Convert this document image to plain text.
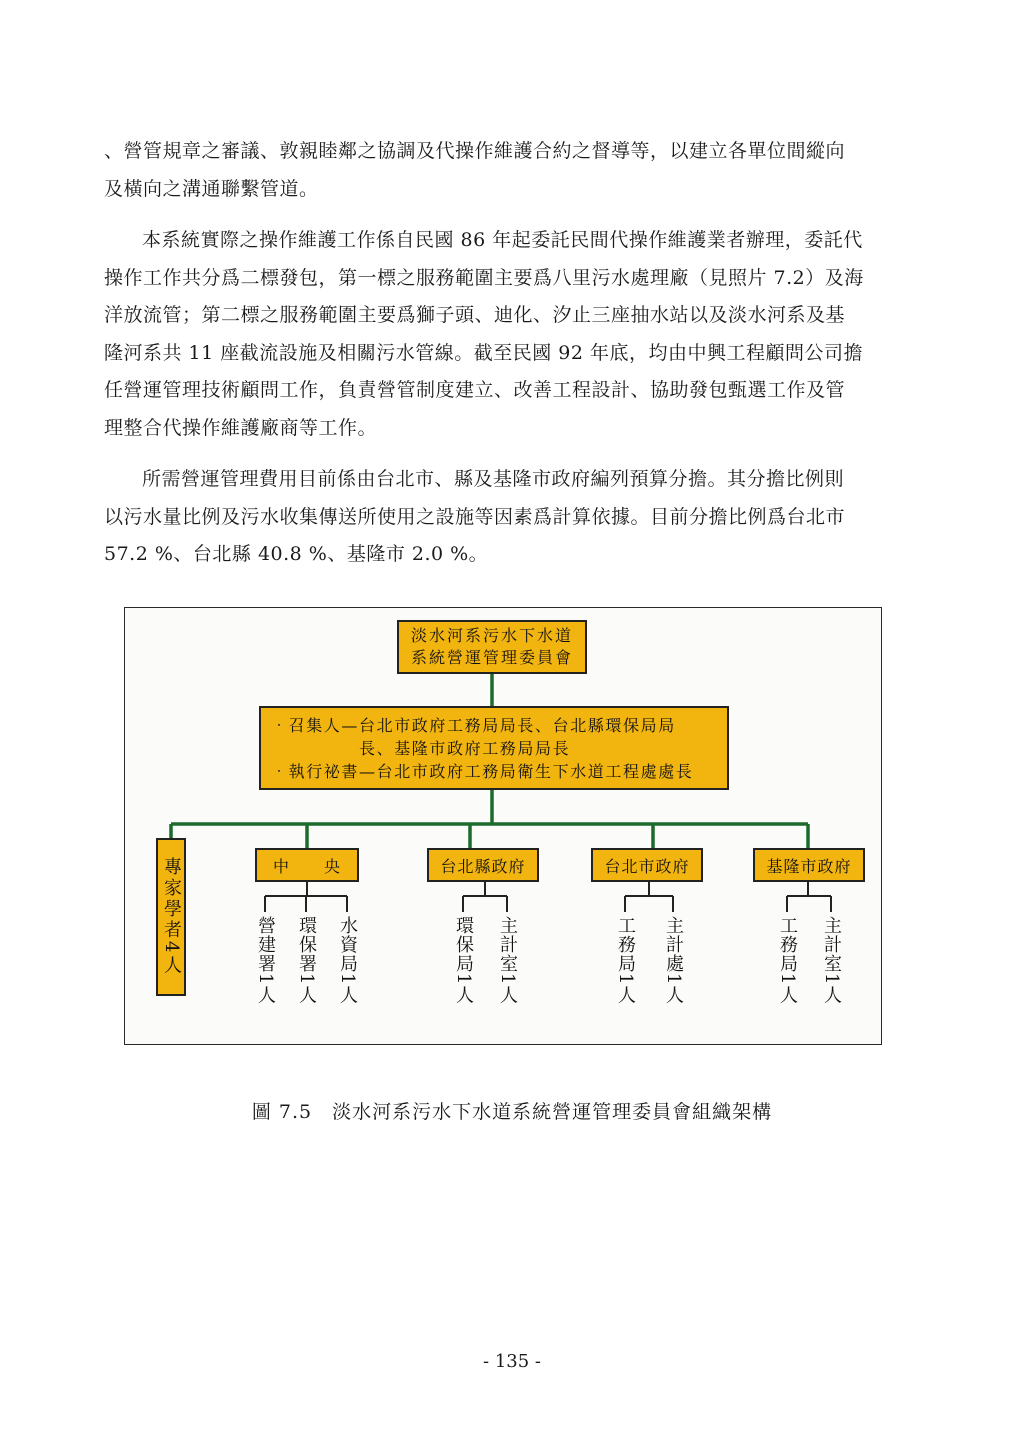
、營管規章之審議、敦親睦鄰之協調及代操作維護合約之督導等，以建立各單位間縱向
及橫向之溝通聯繫管道。
本系統實際之操作維護工作係自民國 86 年起委託民間代操作維護業者辦理，委託代
操作工作共分爲二標發包，第一標之服務範圍主要爲八里污水處理廠（見照片 7.2）及海
洋放流管；第二標之服務範圍主要爲獅子頭、迪化、汐止三座抽水站以及淡水河系及基
隆河系共 11 座截流設施及相關污水管線。截至民國 92 年底，均由中興工程顧問公司擔
任營運管理技術顧問工作，負責營管制度建立、改善工程設計、協助發包甄選工作及管
理整合代操作維護廠商等工作。
所需營運管理費用目前係由台北市、縣及基隆市政府編列預算分擔。其分擔比例則
以污水量比例及污水收集傳送所使用之設施等因素爲計算依據。目前分擔比例爲台北市
57.2 %、台北縣 40.8 %、基隆市 2.0 %。
淡水河系污水下水道
系統營運管理委員會
‧召集人—台北市政府工務局局長、台北縣環保局局
長、基隆市政府工務局局長
‧執行祕書—台北市政府工務局衛生下水道工程處處長
專家學者4人	中　　央	台北縣政府	台北市政府	基隆市政府
營建署1人 環保署1人 水資局1人	環保局1人 主計室1人	工務局1人 主計處1人	工務局1人 主計室1人
圖 7.5 淡水河系污水下水道系統營運管理委員會組織架構
- 135 -
